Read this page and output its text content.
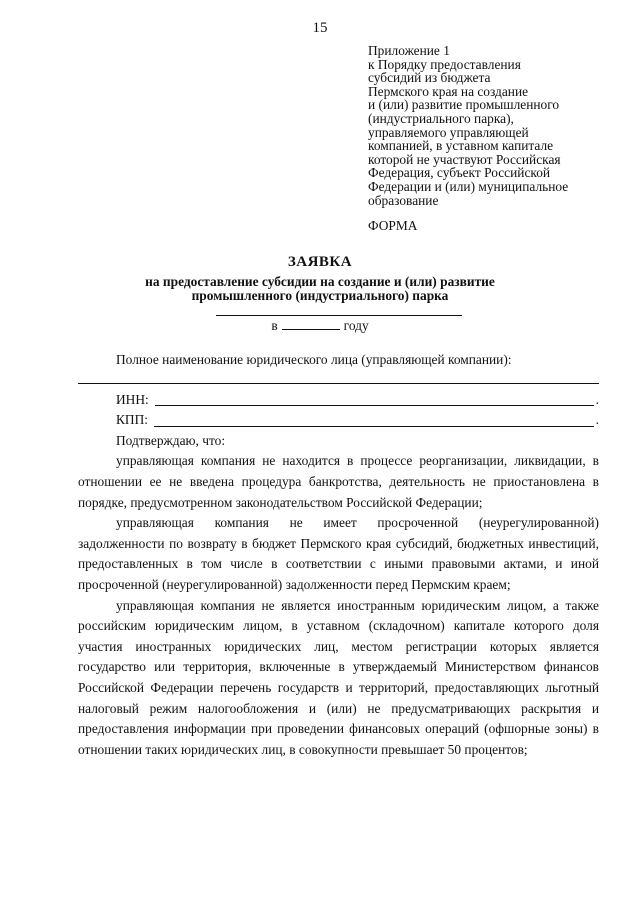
15
Приложение 1
к Порядку предоставления
субсидий из бюджета
Пермского края на создание
и (или) развитие промышленного
(индустриального парка),
управляемого управляющей
компанией, в уставном капитале
которой не участвуют Российская
Федерация, субъект Российской
Федерации и (или) муниципальное
образование
ФОРМА
ЗАЯВКА
на предоставление субсидии на создание и (или) развитие
промышленного (индустриального) парка
в	году

Полное наименование юридического лица (управляющей компании):

ИНН:	.
КПП:	.

Подтверждаю, что:

управляющая компания не находится в процессе реорганизации, ликвидации, в отношении ее не введена процедура банкротства, деятельность не приостановлена в порядке, предусмотренном законодательством Российской Федерации;

управляющая компания не имеет просроченной (неурегулированной) задолженности по возврату в бюджет Пермского края субсидий, бюджетных инвестиций, предоставленных в том числе в соответствии с иными правовыми актами, и иной просроченной (неурегулированной) задолженности перед Пермским краем;

управляющая компания не является иностранным юридическим лицом, а также российским юридическим лицом, в уставном (складочном) капитале которого доля участия иностранных юридических лиц, местом регистрации которых является государство или территория, включенные в утверждаемый Министерством финансов Российской Федерации перечень государств и территорий, предоставляющих льготный налоговый режим налогообложения и (или) не предусматривающих раскрытия и предоставления информации при проведении финансовых операций (офшорные зоны) в отношении таких юридических лиц, в совокупности превышает 50 процентов;
